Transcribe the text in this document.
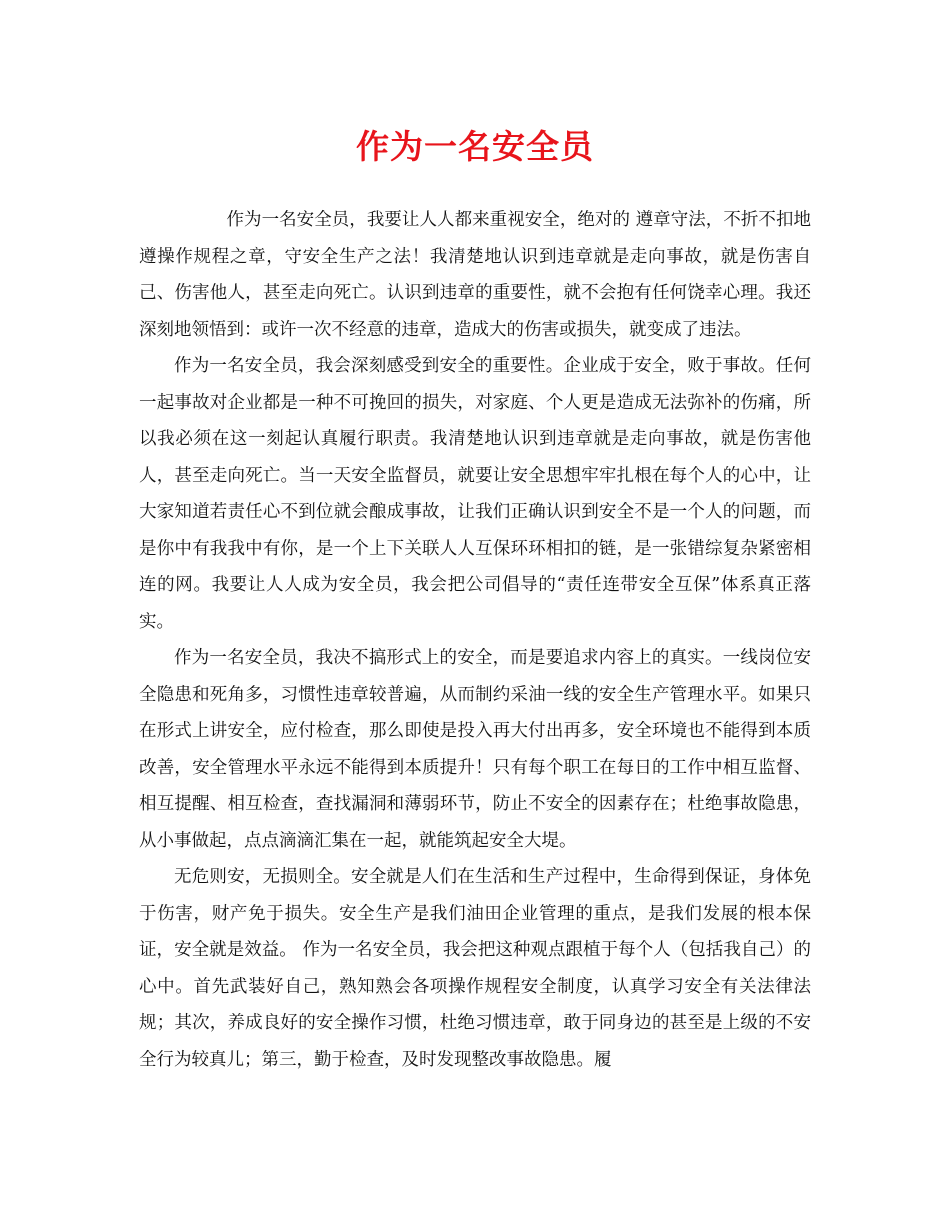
作为一名安全员

作为一名安全员，我要让人人都来重视安全，绝对的 遵章守法，不折不扣地遵操作规程之章，守安全生产之法！我清楚地认识到违章就是走向事故，就是伤害自己、伤害他人，甚至走向死亡。认识到违章的重要性，就不会抱有任何饶幸心理。我还深刻地领悟到：或许一次不经意的违章，造成大的伤害或损失，就变成了违法。

作为一名安全员，我会深刻感受到安全的重要性。企业成于安全，败于事故。任何一起事故对企业都是一种不可挽回的损失，对家庭、个人更是造成无法弥补的伤痛，所以我必须在这一刻起认真履行职责。我清楚地认识到违章就是走向事故，就是伤害他人，甚至走向死亡。当一天安全监督员，就要让安全思想牢牢扎根在每个人的心中，让大家知道若责任心不到位就会酿成事故，让我们正确认识到安全不是一个人的问题，而是你中有我我中有你，是一个上下关联人人互保环环相扣的链，是一张错综复杂紧密相连的网。我要让人人成为安全员，我会把公司倡导的“责任连带安全互保”体系真正落实。

作为一名安全员，我决不搞形式上的安全，而是要追求内容上的真实。一线岗位安全隐患和死角多，习惯性违章较普遍，从而制约采油一线的安全生产管理水平。如果只在形式上讲安全，应付检查，那么即使是投入再大付出再多，安全环境也不能得到本质改善，安全管理水平永远不能得到本质提升！只有每个职工在每日的工作中相互监督、相互提醒、相互检查，查找漏洞和薄弱环节，防止不安全的因素存在；杜绝事故隐患，从小事做起，点点滴滴汇集在一起，就能筑起安全大堤。

无危则安，无损则全。安全就是人们在生活和生产过程中，生命得到保证，身体免于伤害，财产免于损失。安全生产是我们油田企业管理的重点，是我们发展的根本保证，安全就是效益。 作为一名安全员，我会把这种观点跟植于每个人（包括我自己）的心中。首先武装好自己，熟知熟会各项操作规程安全制度，认真学习安全有关法律法规；其次，养成良好的安全操作习惯，杜绝习惯违章，敢于同身边的甚至是上级的不安全行为较真儿；第三，勤于检查，及时发现整改事故隐患。履
